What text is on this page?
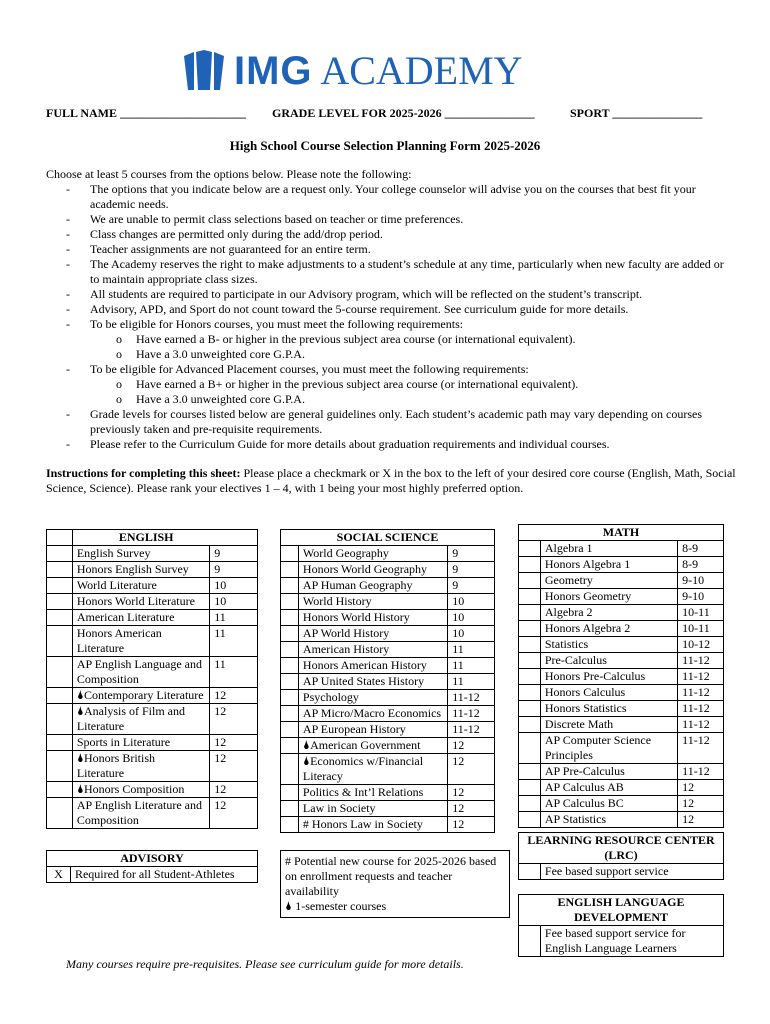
IMG ACADEMY
FULL NAME _____________________ GRADE LEVEL FOR 2025-2026 _______________	SPORT _______________
High School Course Selection Planning Form 2025-2026
Choose at least 5 courses from the options below. Please note the following:
- The options that you indicate below are a request only. Your college counselor will advise you on the courses that best fit your academic needs.
- We are unable to permit class selections based on teacher or time preferences.
- Class changes are permitted only during the add/drop period.
- Teacher assignments are not guaranteed for an entire term.
- The Academy reserves the right to make adjustments to a student’s schedule at any time, particularly when new faculty are added or to maintain appropriate class sizes.
- All students are required to participate in our Advisory program, which will be reflected on the student’s transcript.
- Advisory, APD, and Sport do not count toward the 5-course requirement. See curriculum guide for more details.
- To be eligible for Honors courses, you must meet the following requirements:
o Have earned a B- or higher in the previous subject area course (or international equivalent).
o Have a 3.0 unweighted core G.P.A.
- To be eligible for Advanced Placement courses, you must meet the following requirements:
o Have earned a B+ or higher in the previous subject area course (or international equivalent).
o Have a 3.0 unweighted core G.P.A.
- Grade levels for courses listed below are general guidelines only. Each student’s academic path may vary depending on courses previously taken and pre-requisite requirements.
- Please refer to the Curriculum Guide for more details about graduation requirements and individual courses.
Instructions for completing this sheet: Please place a checkmark or X in the box to the left of your desired core course (English, Math, Social Science, Science). Please rank your electives 1 – 4, with 1 being your most highly preferred option.
	ENGLISH	
	English Survey	9
	Honors English Survey	9
	World Literature	10
	Honors World Literature	10
	American Literature	11
	Honors American Literature	11
	AP English Language and Composition	11
	🌢Contemporary Literature	12
	🌢Analysis of Film and Literature	12
	Sports in Literature	12
	🌢Honors British Literature	12
	🌢Honors Composition	12
	AP English Literature and Composition	12
SOCIAL SCIENCE		
	World Geography	9
	Honors World Geography	9
	AP Human Geography	9
	World History	10
	Honors World History	10
	AP World History	10
	American History	11
	Honors American History	11
	AP United States History	11
	Psychology	11-12
	AP Micro/Macro Economics	11-12
	AP European History	11-12
	🌢American Government	12
	🌢Economics w/Financial Literacy	12
	Politics & Int’l Relations	12
	Law in Society	12
	# Honors Law in Society	12
MATH		
	Algebra 1	8-9
	Honors Algebra 1	8-9
	Geometry	9-10
	Honors Geometry	9-10
	Algebra 2	10-11
	Honors Algebra 2	10-11
	Statistics	10-12
	Pre-Calculus	11-12
	Honors Pre-Calculus	11-12
	Honors Calculus	11-12
	Honors Statistics	11-12
	Discrete Math	11-12
	AP Computer Science Principles	11-12
	AP Pre-Calculus	11-12
	AP Calculus AB	12
	AP Calculus BC	12
	AP Statistics	12
ADVISORY
X	Required for all Student-Athletes
# Potential new course for 2025-2026 based on enrollment requests and teacher availability
🌢 1-semester courses
LEARNING RESOURCE CENTER (LRC)
	Fee based support service
ENGLISH LANGUAGE DEVELOPMENT
	Fee based support service for English Language Learners
Many courses require pre-requisites. Please see curriculum guide for more details.
